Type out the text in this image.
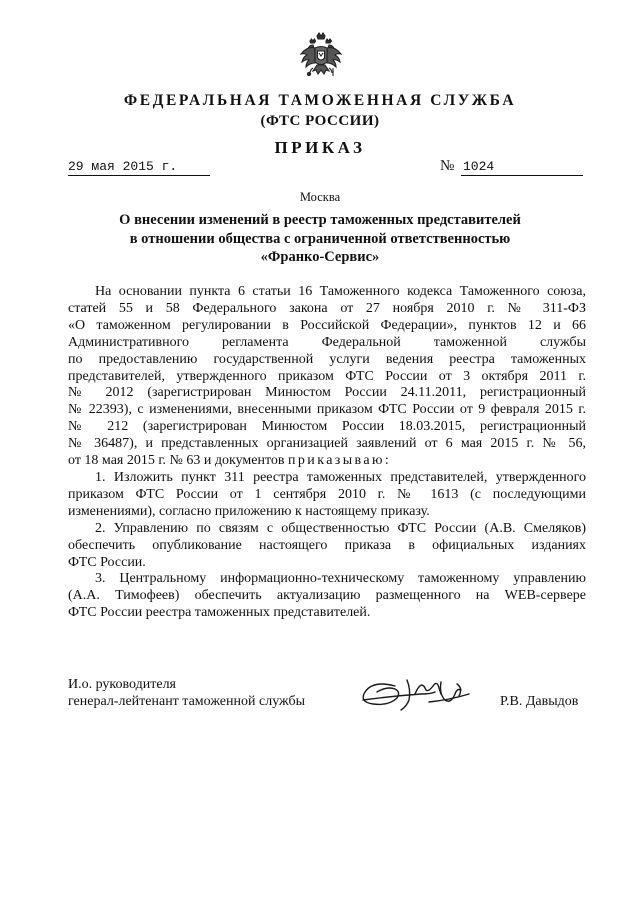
ФЕДЕРАЛЬНАЯ ТАМОЖЕННАЯ СЛУЖБА
(ФТС РОССИИ)
ПРИКАЗ
29 мая 2015 г.	№ 1024
Москва
О внесении изменений в реестр таможенных представителей
в отношении общества с ограниченной ответственностью
«Франко-Сервис»
На основании пункта 6 статьи 16 Таможенного кодекса Таможенного союза,
статей 55 и 58 Федерального закона от 27 ноября 2010 г. № 311-ФЗ
«О таможенном регулировании в Российской Федерации», пунктов 12 и 66
Административного регламента Федеральной таможенной службы
по предоставлению государственной услуги ведения реестра таможенных
представителей, утвержденного приказом ФТС России от 3 октября 2011 г.
№ 2012 (зарегистрирован Минюстом России 24.11.2011, регистрационный
№ 22393), с изменениями, внесенными приказом ФТС России от 9 февраля 2015 г.
№ 212 (зарегистрирован Минюстом России 18.03.2015, регистрационный
№ 36487), и представленных организацией заявлений от 6 мая 2015 г. № 56,
от 18 мая 2015 г. № 63 и документов приказываю:
1. Изложить пункт 311 реестра таможенных представителей, утвержденного
приказом ФТС России от 1 сентября 2010 г. № 1613 (с последующими
изменениями), согласно приложению к настоящему приказу.
2. Управлению по связям с общественностью ФТС России (А.В. Смеляков)
обеспечить опубликование настоящего приказа в официальных изданиях
ФТС России.
3. Центральному информационно-техническому таможенному управлению
(А.А. Тимофеев) обеспечить актуализацию размещенного на WEB-сервере
ФТС России реестра таможенных представителей.
И.о. руководителя
генерал-лейтенант таможенной службы	Р.В. Давыдов
